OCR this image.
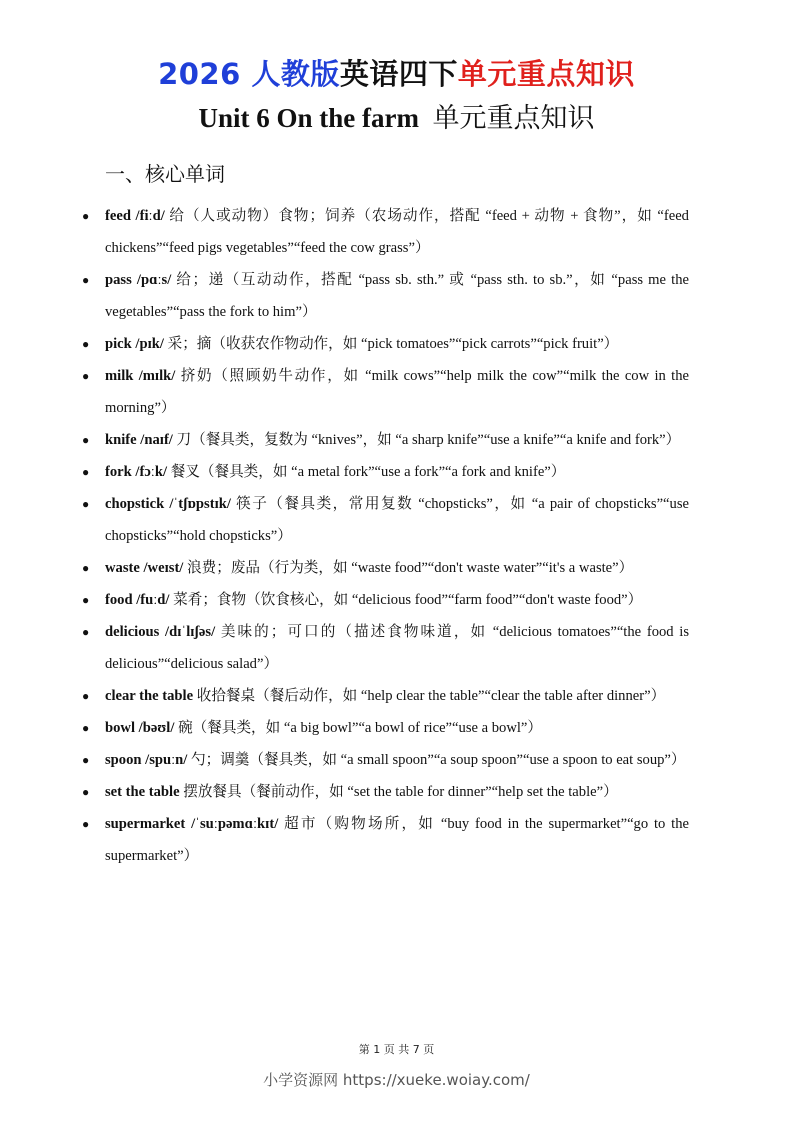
2026 人教版英语四下单元重点知识
Unit 6 On the farm 单元重点知识
一、核心单词
● feed /fiːd/ 给（人或动物）食物；饲养（农场动作，搭配 “feed + 动物 + 食物”，如 “feed chickens”“feed pigs vegetables”“feed the cow grass”）
● pass /pɑːs/ 给；递（互动动作，搭配 “pass sb. sth.” 或 “pass sth. to sb.”，如 “pass me the vegetables”“pass the fork to him”）
● pick /pɪk/ 采；摘（收获农作物动作，如 “pick tomatoes”“pick carrots”“pick fruit”）
● milk /mɪlk/ 挤奶（照顾奶牛动作，如 “milk cows”“help milk the cow”“milk the cow in the morning”）
● knife /naɪf/ 刀（餐具类，复数为 “knives”，如 “a sharp knife”“use a knife”“a knife and fork”）
● fork /fɔːk/ 餐叉（餐具类，如 “a metal fork”“use a fork”“a fork and knife”）
● chopstick /ˈtʃɒpstɪk/ 筷子（餐具类，常用复数 “chopsticks”，如 “a pair of chopsticks”“use chopsticks”“hold chopsticks”）
● waste /weɪst/ 浪费；废品（行为类，如 “waste food”“don't waste water”“it's a waste”）
● food /fuːd/ 菜肴；食物（饮食核心，如 “delicious food”“farm food”“don't waste food”）
● delicious /dɪˈlɪʃəs/ 美味的；可口的（描述食物味道，如 “delicious tomatoes”“the food is delicious”“delicious salad”）
● clear the table 收拾餐桌（餐后动作，如 “help clear the table”“clear the table after dinner”）
● bowl /bəʊl/ 碗（餐具类，如 “a big bowl”“a bowl of rice”“use a bowl”）
● spoon /spuːn/ 勺；调羹（餐具类，如 “a small spoon”“a soup spoon”“use a spoon to eat soup”）
● set the table 摆放餐具（餐前动作，如 “set the table for dinner”“help set the table”）
● supermarket /ˈsuːpəmɑːkɪt/ 超市（购物场所，如 “buy food in the supermarket”“go to the supermarket”）
第 1 页 共 7 页
小学资源网 https://xueke.woiay.com/
